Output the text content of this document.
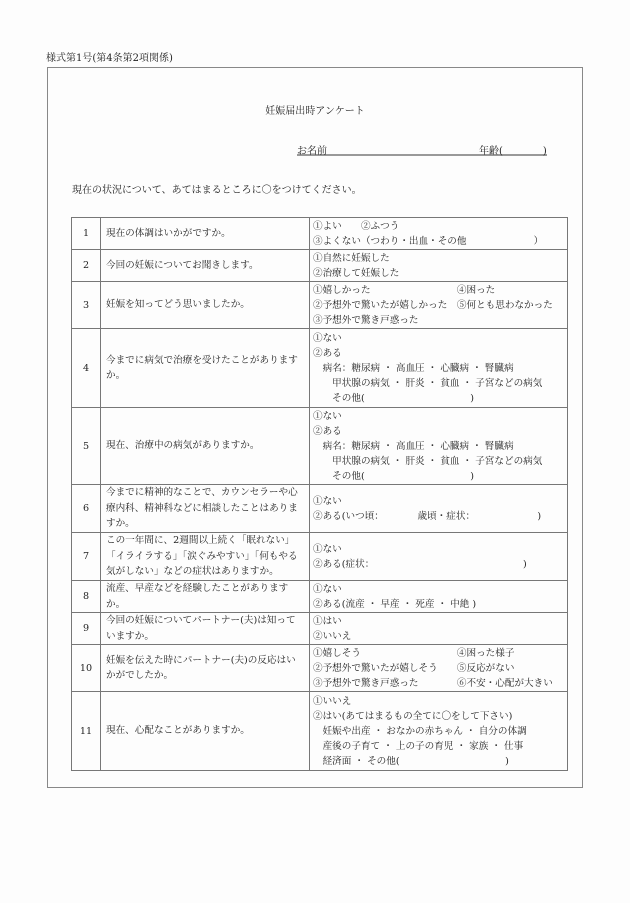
様式第1号(第4条第2項関係)
妊娠届出時アンケート
お名前	年齢(　　　　)
現在の状況について、あてはまるところに〇をつけてください。
1	現在の体調はいかがですか。	①よい　　②ふつう
③よくない（つわり・出血・その他　　　　　　　）

2	今回の妊娠についてお聞きします。	①自然に妊娠した
②治療して妊娠した

3	妊娠を知ってどう思いましたか。	①嬉しかった　　　　　　　　　④困った
②予想外で驚いたが嬉しかった　⑤何とも思わなかった
③予想外で驚き戸惑った

4	今までに病気で治療を受けたことがありますか。	①ない
②ある
　病名：糖尿病 ・ 高血圧 ・ 心臓病 ・ 腎臓病
　　甲状腺の病気 ・ 肝炎 ・ 貧血 ・ 子宮などの病気
　　その他(　　　　　　　　　　　)

5	現在、治療中の病気がありますか。	①ない
②ある
　病名：糖尿病 ・ 高血圧 ・ 心臓病 ・ 腎臓病
　　甲状腺の病気 ・ 肝炎 ・ 貧血 ・ 子宮などの病気
　　その他(　　　　　　　　　　　)

6	今までに精神的なことで、カウンセラーや心療内科、精神科などに相談したことはありますか。	①ない
②ある(いつ頃：　　　　歳頃・症状：　　　　　　　)

7	この一年間に、2週間以上続く「眠れない」「イライラする」「涙ぐみやすい」「何もやる気がしない」などの症状はありますか。	①ない
②ある(症状：　　　　　　　　　　　　　　　　)

8	流産、早産などを経験したことがありますか。	①ない
②ある(流産 ・ 早産 ・ 死産 ・ 中絶 )

9	今回の妊娠についてパートナー(夫)は知っていますか。	①はい
②いいえ

10	妊娠を伝えた時にパートナー(夫)の反応はいかがでしたか。	①嬉しそう　　　　　　　　　　④困った様子
②予想外で驚いたが嬉しそう　　⑤反応がない
③予想外で驚き戸惑った　　　　⑥不安・心配が大きい

11	現在、心配なことがありますか。	①いいえ
②はい(あてはまるもの全てに〇をして下さい)
　妊娠や出産 ・ おなかの赤ちゃん ・ 自分の体調
　産後の子育て ・ 上の子の育児 ・ 家族 ・ 仕事
　経済面 ・ その他(　　　　　　　　　　　)
